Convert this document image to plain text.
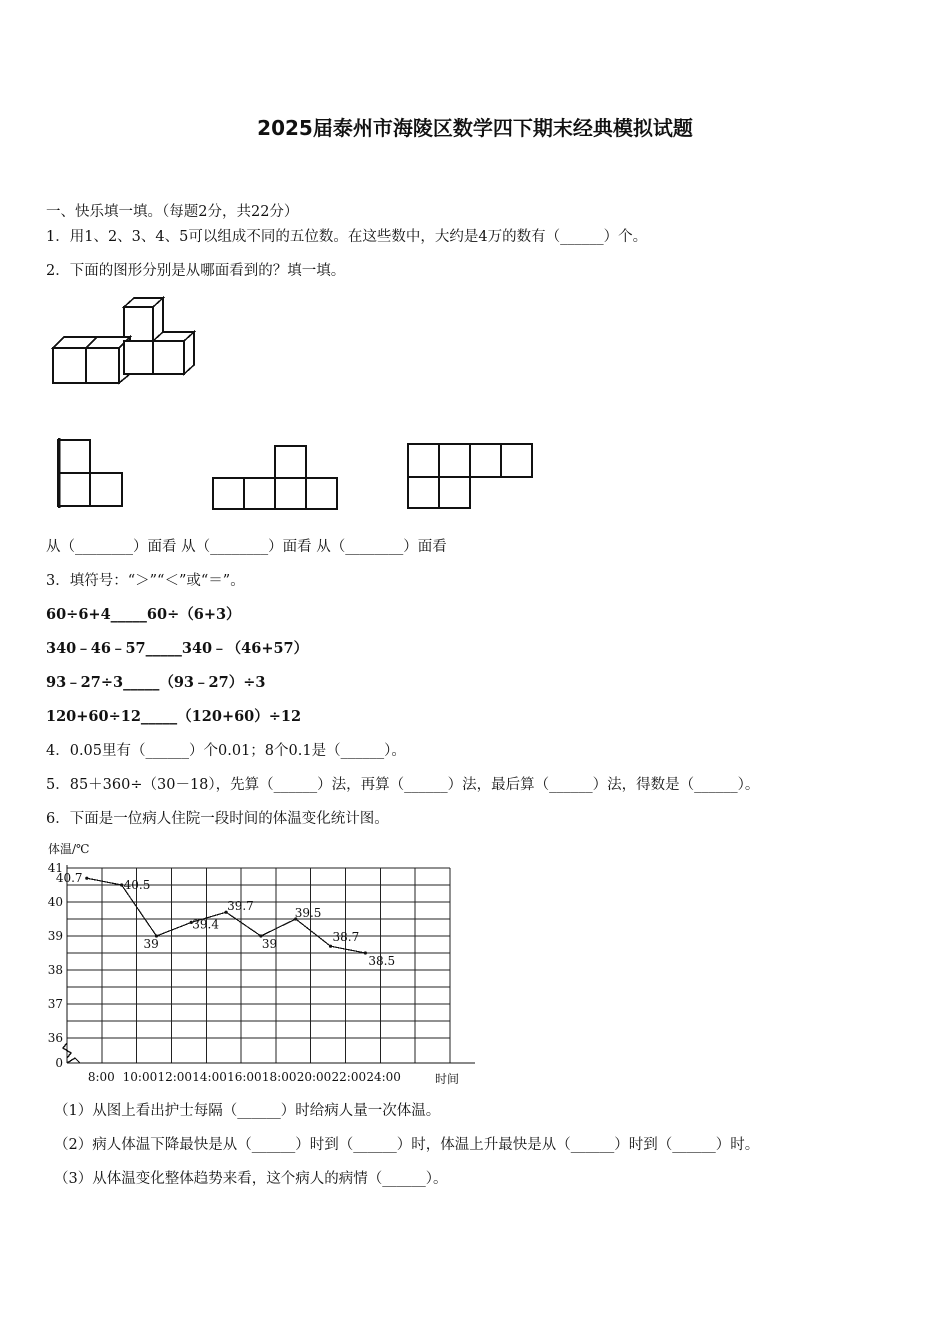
2025届泰州市海陵区数学四下期末经典模拟试题
一、快乐填一填。（每题2分，共22分）
1．用1、2、3、4、5可以组成不同的五位数。在这些数中，大约是4万的数有（______）个。
2．下面的图形分别是从哪面看到的？填一填。
从（________）面看 从（________）面看 从（________）面看
3．填符号：“＞”“＜”或“＝”。
60÷6+4_____60÷（6+3）
340﹣46﹣57_____340﹣（46+57）
93﹣27÷3_____（93﹣27）÷3
120+60÷12_____（120+60）÷12
4．0.05里有（______）个0.01；8个0.1是（______）。
5．85＋360÷（30－18），先算（______）法，再算（______）法，最后算（______）法，得数是（______）。
6．下面是一位病人住院一段时间的体温变化统计图。
41
40
39
38
37
36
0
8:00 10:00 12:00 14:00 16:00 18:00 20:00 22:00 24:00
40.7	40.5
39
39.4
39.7
39
39.5
38.7
38.5
体温/℃
时间
（1）从图上看出护士每隔（______）时给病人量一次体温。
（2）病人体温下降最快是从（______）时到（______）时，体温上升最快是从（______）时到（______）时。
（3）从体温变化整体趋势来看，这个病人的病情（______）。
